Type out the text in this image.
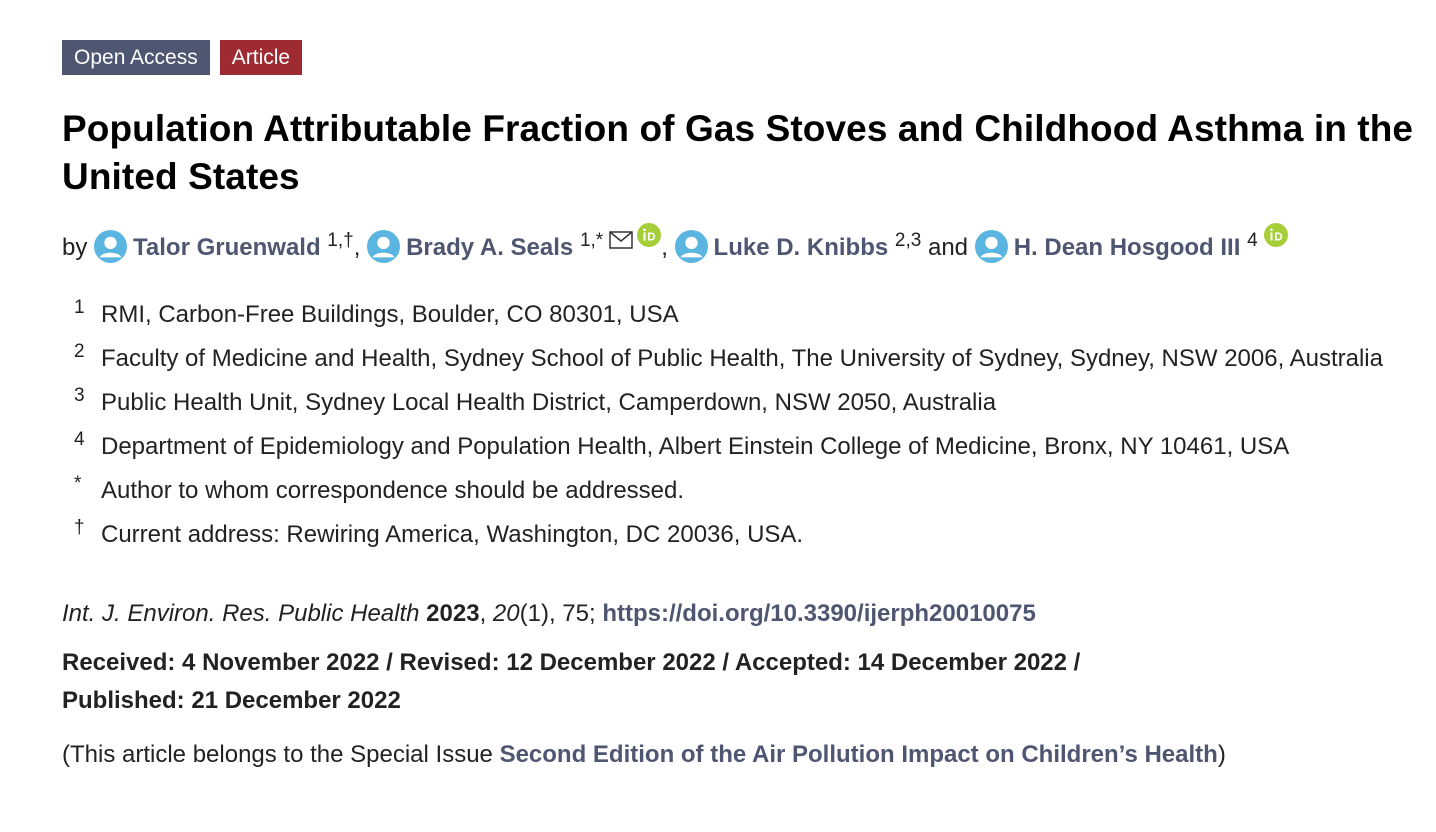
Open Access	Article
Population Attributable Fraction of Gas Stoves and Childhood Asthma in the United States
by Talor Gruenwald $^{1,\dagger}$, Brady A. Seals $^{1,*}$ , Luke D. Knibbs $^{2,3}$ and H. Dean Hosgood III $^4$
1 RMI, Carbon-Free Buildings, Boulder, CO 80301, USA
2 Faculty of Medicine and Health, Sydney School of Public Health, The University of Sydney, Sydney, NSW 2006, Australia
3 Public Health Unit, Sydney Local Health District, Camperdown, NSW 2050, Australia
4 Department of Epidemiology and Population Health, Albert Einstein College of Medicine, Bronx, NY 10461, USA
* Author to whom correspondence should be addressed.
† Current address: Rewiring America, Washington, DC 20036, USA.
Int. J. Environ. Res. Public Health 2023, 20(1), 75; https://doi.org/10.3390/ijerph20010075
Received: 4 November 2022 / Revised: 12 December 2022 / Accepted: 14 December 2022 /
Published: 21 December 2022
(This article belongs to the Special Issue Second Edition of the Air Pollution Impact on Children’s Health)
